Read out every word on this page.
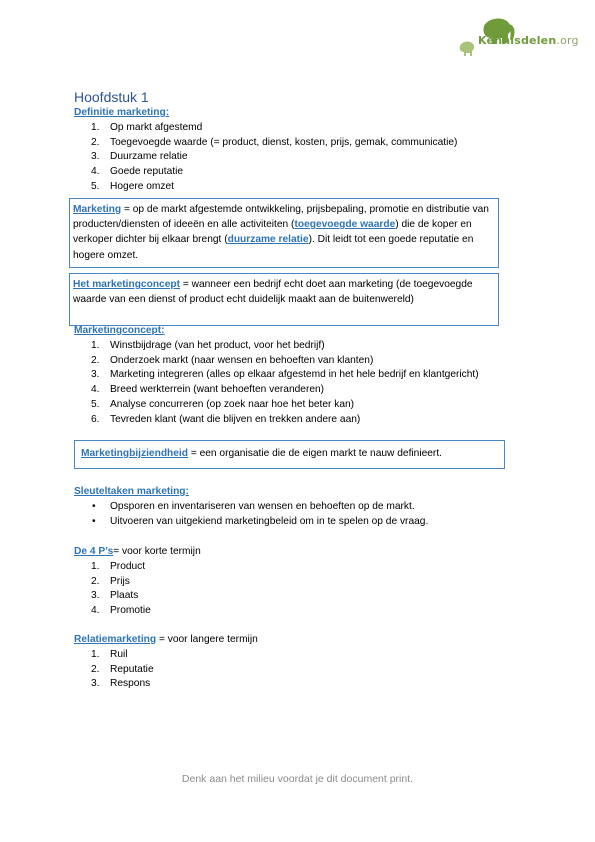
Kennisdelen.org
Hoofdstuk 1
Definitie marketing:
1. Op markt afgestemd
2. Toegevoegde waarde (= product, dienst, kosten, prijs, gemak, communicatie)
3. Duurzame relatie
4. Goede reputatie
5. Hogere omzet

Marketing = op de markt afgestemde ontwikkeling, prijsbepaling, promotie en distributie van producten/diensten of ideeën en alle activiteiten (toegevoegde waarde) die de koper en verkoper dichter bij elkaar brengt (duurzame relatie). Dit leidt tot een goede reputatie en hogere omzet.

Het marketingconcept = wanneer een bedrijf echt doet aan marketing (de toegevoegde waarde van een dienst of product echt duidelijk maakt aan de buitenwereld)

Marketingconcept:
1. Winstbijdrage (van het product, voor het bedrijf)
2. Onderzoek markt (naar wensen en behoeften van klanten)
3. Marketing integreren (alles op elkaar afgestemd in het hele bedrijf en klantgericht)
4. Breed werkterrein (want behoeften veranderen)
5. Analyse concurreren (op zoek naar hoe het beter kan)
6. Tevreden klant (want die blijven en trekken andere aan)

Marketingbijziendheid = een organisatie die de eigen markt te nauw definieert.

Sleuteltaken marketing:
• Opsporen en inventariseren van wensen en behoeften op de markt.
• Uitvoeren van uitgekiend marketingbeleid om in te spelen op de vraag.
De 4 P’s= voor korte termijn
1. Product
2. Prijs
3. Plaats
4. Promotie
Relatiemarketing = voor langere termijn
1. Ruil
2. Reputatie
3. Respons
Denk aan het milieu voordat je dit document print.
